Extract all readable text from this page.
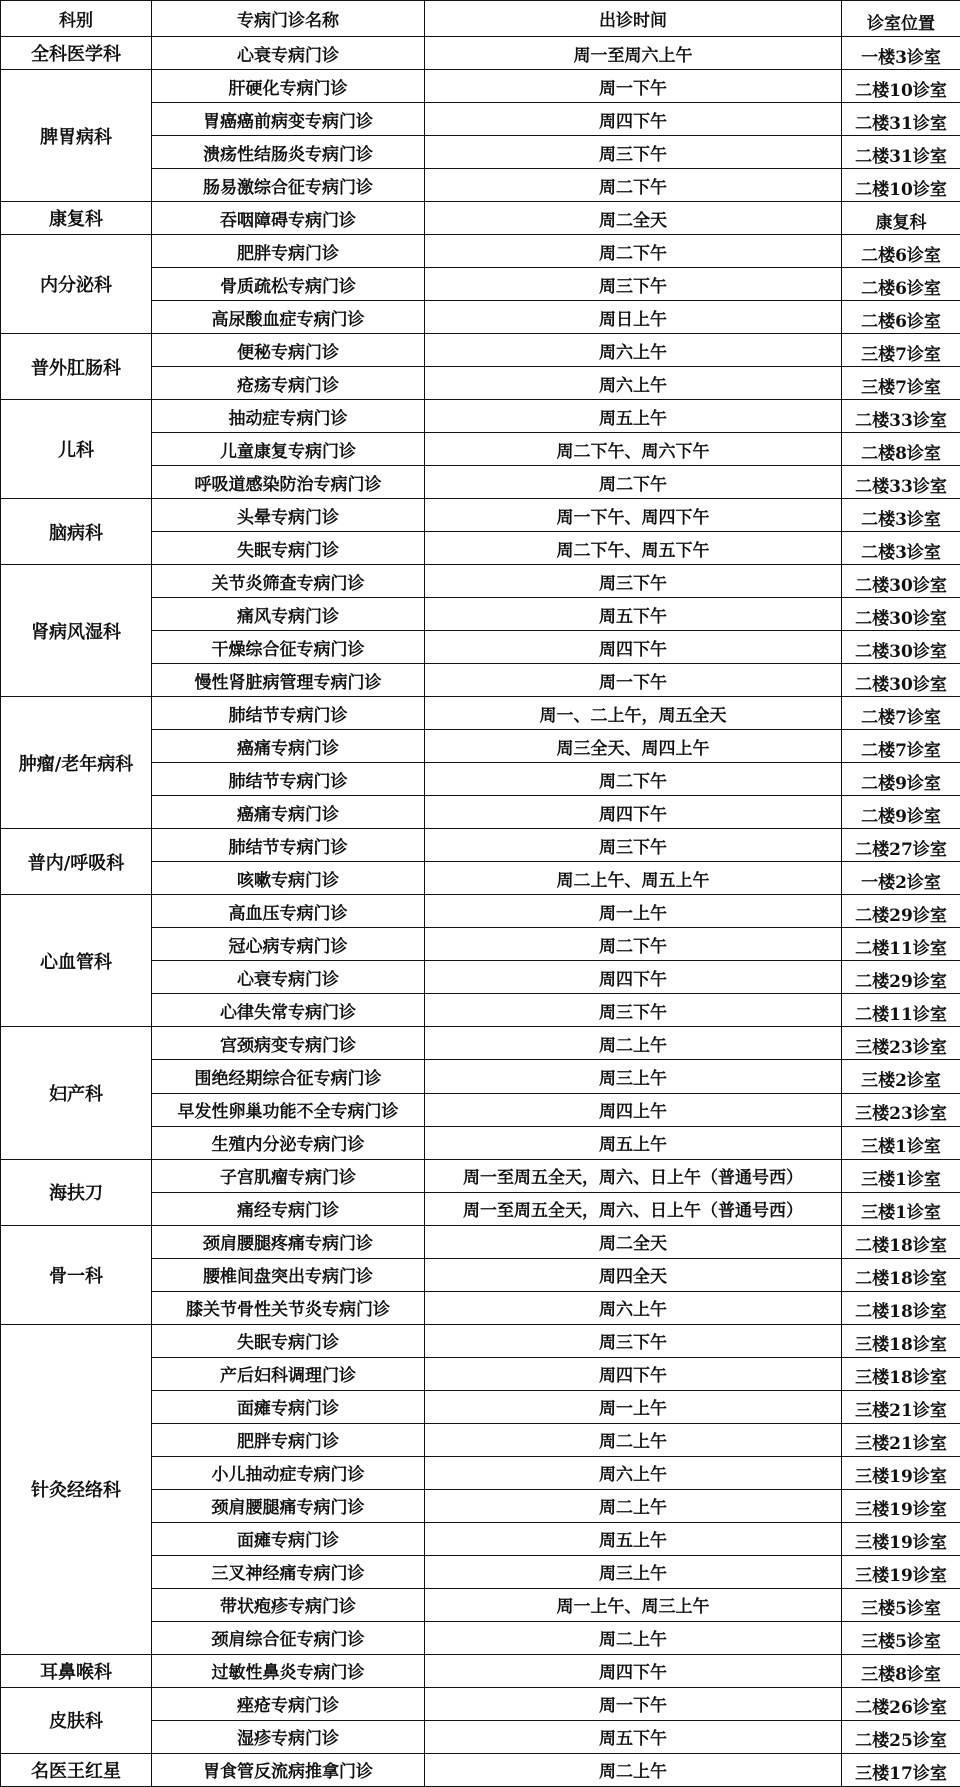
科别	专病门诊名称	出诊时间	诊室位置
全科医学科	心衰专病门诊	周一至周六上午	一楼3诊室
脾胃病科	肝硬化专病门诊	周一下午	二楼10诊室
	胃癌癌前病变专病门诊	周四下午	二楼31诊室
	溃疡性结肠炎专病门诊	周三下午	二楼31诊室
	肠易激综合征专病门诊	周二下午	二楼10诊室
康复科	吞咽障碍专病门诊	周二全天	康复科
内分泌科	肥胖专病门诊	周二下午	二楼6诊室
	骨质疏松专病门诊	周三下午	二楼6诊室
	高尿酸血症专病门诊	周日上午	二楼6诊室
普外肛肠科	便秘专病门诊	周六上午	三楼7诊室
	疮疡专病门诊	周六上午	三楼7诊室
儿科	抽动症专病门诊	周五上午	二楼33诊室
	儿童康复专病门诊	周二下午、周六下午	二楼8诊室
	呼吸道感染防治专病门诊	周二下午	二楼33诊室
脑病科	头晕专病门诊	周一下午、周四下午	二楼3诊室
	失眠专病门诊	周二下午、周五下午	二楼3诊室
肾病风湿科	关节炎筛查专病门诊	周三下午	二楼30诊室
	痛风专病门诊	周五下午	二楼30诊室
	干燥综合征专病门诊	周四下午	二楼30诊室
	慢性肾脏病管理专病门诊	周一下午	二楼30诊室
肿瘤/老年病科	肺结节专病门诊	周一、二上午，周五全天	二楼7诊室
	癌痛专病门诊	周三全天、周四上午	二楼7诊室
	肺结节专病门诊	周二下午	二楼9诊室
	癌痛专病门诊	周四下午	二楼9诊室
普内/呼吸科	肺结节专病门诊	周三下午	二楼27诊室
	咳嗽专病门诊	周二上午、周五上午	一楼2诊室
心血管科	高血压专病门诊	周一上午	二楼29诊室
	冠心病专病门诊	周二下午	二楼11诊室
	心衰专病门诊	周四下午	二楼29诊室
	心律失常专病门诊	周三下午	二楼11诊室
妇产科	宫颈病变专病门诊	周二上午	三楼23诊室
	围绝经期综合征专病门诊	周三上午	三楼2诊室
	早发性卵巢功能不全专病门诊	周四上午	三楼23诊室
	生殖内分泌专病门诊	周五上午	三楼1诊室
海扶刀	子宫肌瘤专病门诊	周一至周五全天，周六、日上午（普通号西）	三楼1诊室
	痛经专病门诊	周一至周五全天，周六、日上午（普通号西）	三楼1诊室
骨一科	颈肩腰腿疼痛专病门诊	周二全天	二楼18诊室
	腰椎间盘突出专病门诊	周四全天	二楼18诊室
	膝关节骨性关节炎专病门诊	周六上午	二楼18诊室
针灸经络科	失眠专病门诊	周三下午	三楼18诊室
	产后妇科调理门诊	周四下午	三楼18诊室
	面瘫专病门诊	周一上午	三楼21诊室
	肥胖专病门诊	周二上午	三楼21诊室
	小儿抽动症专病门诊	周六上午	三楼19诊室
	颈肩腰腿痛专病门诊	周二上午	三楼19诊室
	面瘫专病门诊	周五上午	三楼19诊室
	三叉神经痛专病门诊	周三上午	三楼19诊室
	带状疱疹专病门诊	周一上午、周三上午	三楼5诊室
	颈肩综合征专病门诊	周二上午	三楼5诊室
耳鼻喉科	过敏性鼻炎专病门诊	周四下午	三楼8诊室
皮肤科	痤疮专病门诊	周一下午	二楼26诊室
	湿疹专病门诊	周五下午	二楼25诊室
名医王红星	胃食管反流病推拿门诊	周二上午	三楼17诊室
